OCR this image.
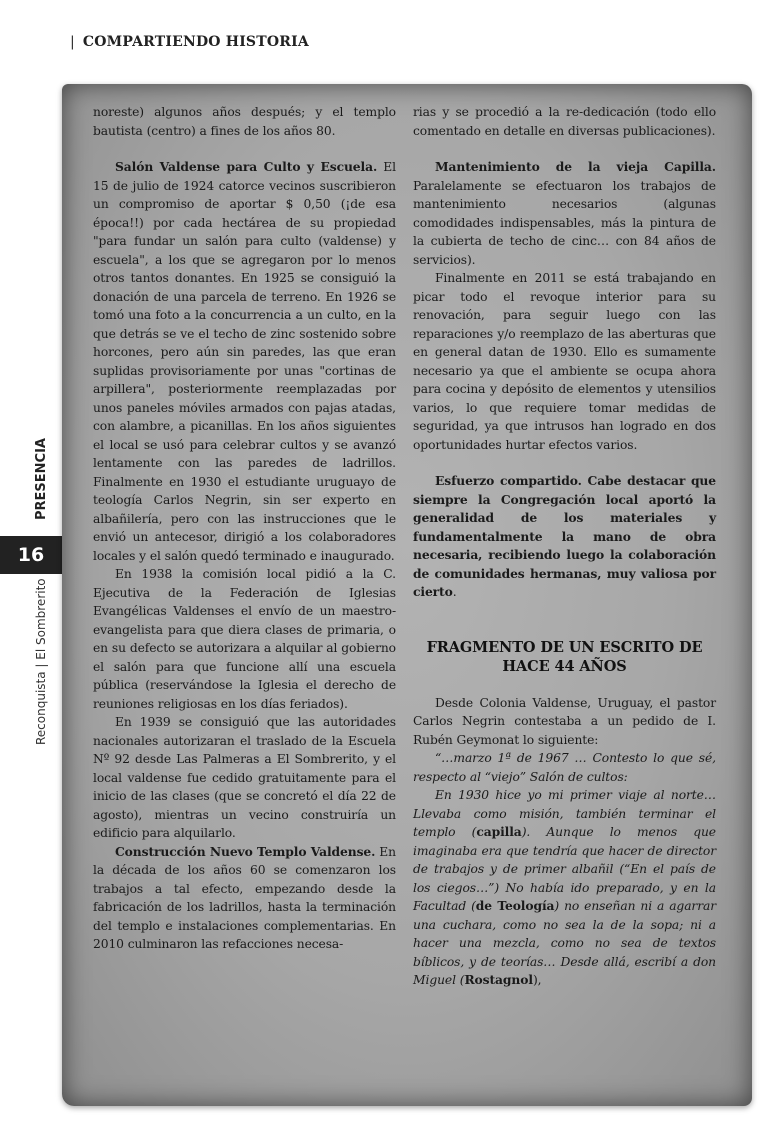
| COMPARTIENDO HISTORIA
PRESENCIA
16
Reconquista | El Sombrerito

noreste) algunos años después; y el templo bautista (centro) a fines de los años 80.

Salón Valdense para Culto y Escuela. El 15 de julio de 1924 catorce vecinos suscribieron un compromiso de aportar $ 0,50 (¡de esa época!!) por cada hectárea de su propiedad "para fundar un salón para culto (valdense) y escuela", a los que se agregaron por lo menos otros tantos donantes. En 1925 se consiguió la donación de una parcela de terreno. En 1926 se tomó una foto a la concurrencia a un culto, en la que detrás se ve el techo de zinc sostenido sobre horcones, pero aún sin paredes, las que eran suplidas provisoriamente por unas "cortinas de arpillera", posteriormente reemplazadas por unos paneles móviles armados con pajas atadas, con alambre, a picanillas. En los años siguientes el local se usó para celebrar cultos y se avanzó lentamente con las paredes de ladrillos. Finalmente en 1930 el estudiante uruguayo de teología Carlos Negrin, sin ser experto en albañilería, pero con las instrucciones que le envió un antecesor, dirigió a los colaboradores locales y el salón quedó terminado e inaugurado.

En 1938 la comisión local pidió a la C. Ejecutiva de la Federación de Iglesias Evangélicas Valdenses el envío de un maestro-evangelista para que diera clases de primaria, o en su defecto se autorizara a alquilar al gobierno el salón para que funcione allí una escuela pública (reservándose la Iglesia el derecho de reuniones religiosas en los días feriados).

En 1939 se consiguió que las autoridades nacionales autorizaran el traslado de la Escuela Nº 92 desde Las Palmeras a El Sombrerito, y el local valdense fue cedido gratuitamente para el inicio de las clases (que se concretó el día 22 de agosto), mientras un vecino construiría un edificio para alquilarlo.

Construcción Nuevo Templo Valdense. En la década de los años 60 se comenzaron los trabajos a tal efecto, empezando desde la fabricación de los ladrillos, hasta la terminación del templo e instalaciones complementarias. En 2010 culminaron las refacciones necesa-

rias y se procedió a la re-dedicación (todo ello comentado en detalle en diversas publicaciones).

Mantenimiento de la vieja Capilla. Paralelamente se efectuaron los trabajos de mantenimiento necesarios (algunas comodidades indispensables, más la pintura de la cubierta de techo de cinc… con 84 años de servicios).

Finalmente en 2011 se está trabajando en picar todo el revoque interior para su renovación, para seguir luego con las reparaciones y/o reemplazo de las aberturas que en general datan de 1930. Ello es sumamente necesario ya que el ambiente se ocupa ahora para cocina y depósito de elementos y utensilios varios, lo que requiere tomar medidas de seguridad, ya que intrusos han logrado en dos oportunidades hurtar efectos varios.

Esfuerzo compartido. Cabe destacar que siempre la Congregación local aportó la generalidad de los materiales y fundamentalmente la mano de obra necesaria, recibiendo luego la colaboración de comunidades hermanas, muy valiosa por cierto.

FRAGMENTO DE UN ESCRITO DE HACE 44 AÑOS

Desde Colonia Valdense, Uruguay, el pastor Carlos Negrin contestaba a un pedido de I. Rubén Geymonat lo siguiente:

“…marzo 1ª de 1967 … Contesto lo que sé, respecto al “viejo” Salón de cultos:

En 1930 hice yo mi primer viaje al norte… Llevaba como misión, también terminar el templo (capilla). Aunque lo menos que imaginaba era que tendría que hacer de director de trabajos y de primer albañil (“En el país de los ciegos…”) No había ido preparado, y en la Facultad (de Teología) no enseñan ni a agarrar una cuchara, como no sea la de la sopa; ni a hacer una mezcla, como no sea de textos bíblicos, y de teorías… Desde allá, escribí a don Miguel (Rostagnol),
